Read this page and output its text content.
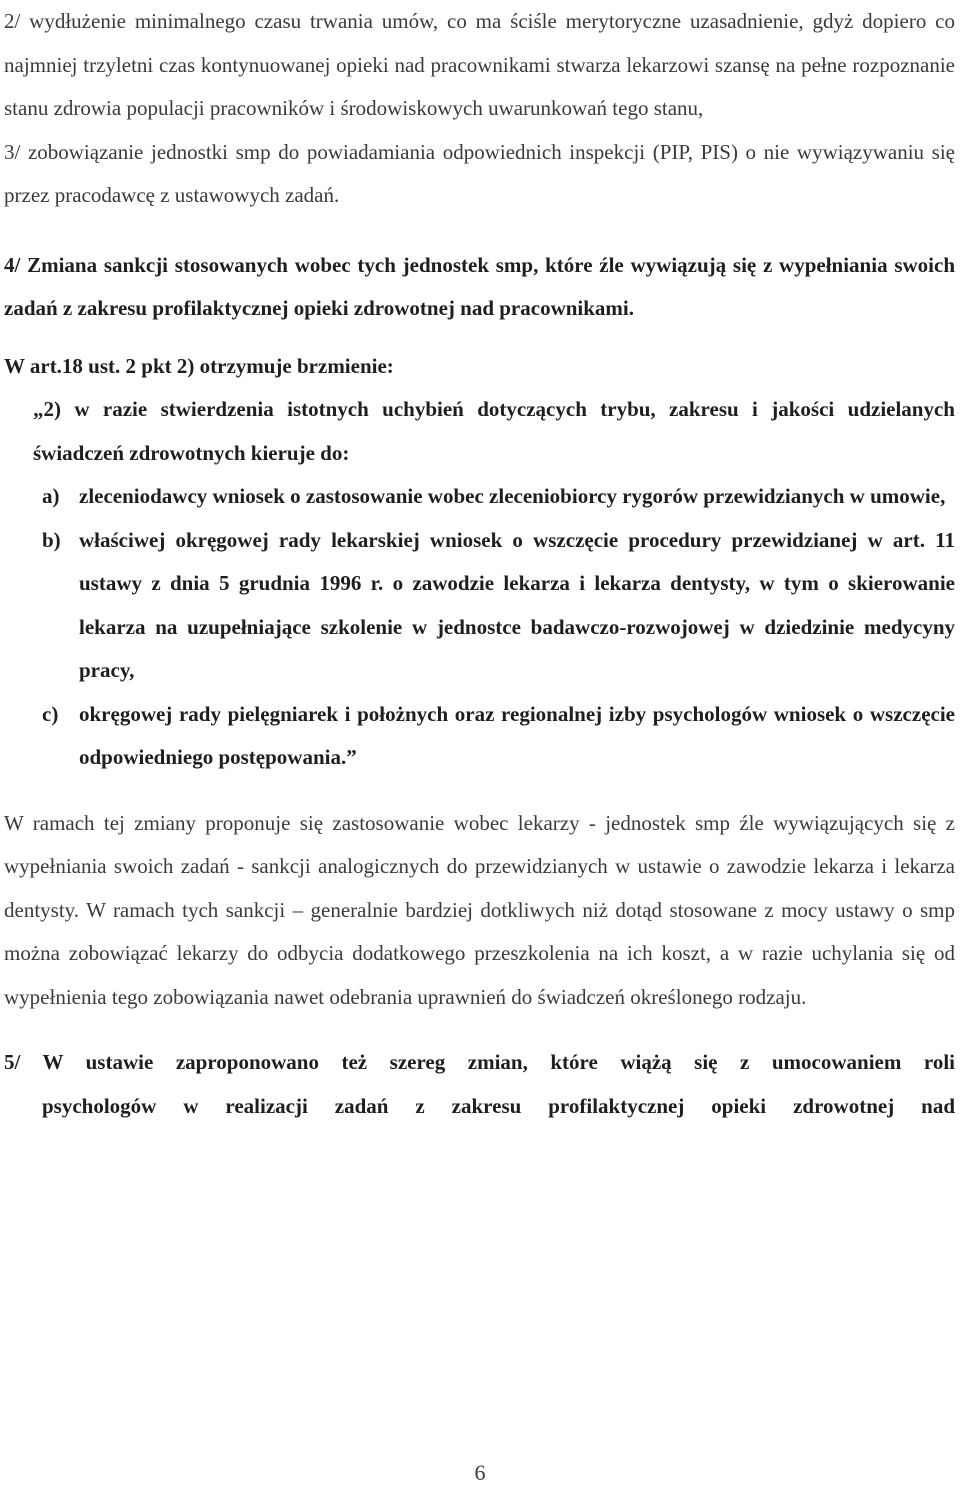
2/ wydłużenie minimalnego czasu trwania umów, co ma ściśle merytoryczne uzasadnienie, gdyż dopiero co najmniej trzyletni czas kontynuowanej opieki nad pracownikami stwarza lekarzowi szansę na pełne rozpoznanie stanu zdrowia populacji pracowników i środowiskowych uwarunkowań tego stanu,

3/ zobowiązanie jednostki smp do powiadamiania odpowiednich inspekcji (PIP, PIS) o nie wywiązywaniu się przez pracodawcę z ustawowych zadań.

4/ Zmiana sankcji stosowanych wobec tych jednostek smp, które źle wywiązują się z wypełniania swoich zadań z zakresu profilaktycznej opieki zdrowotnej nad pracownikami.

W art.18 ust. 2 pkt 2) otrzymuje brzmienie:

„2) w razie stwierdzenia istotnych uchybień dotyczących trybu, zakresu i jakości udzielanych świadczeń zdrowotnych kieruje do:

a) zleceniodawcy wniosek o zastosowanie wobec zleceniobiorcy rygorów przewidzianych w umowie,
b) właściwej okręgowej rady lekarskiej wniosek o wszczęcie procedury przewidzianej w art. 11 ustawy z dnia 5 grudnia 1996 r. o zawodzie lekarza i lekarza dentysty, w tym o skierowanie lekarza na uzupełniające szkolenie w jednostce badawczo-rozwojowej w dziedzinie medycyny pracy,
c) okręgowej rady pielęgniarek i położnych oraz regionalnej izby psychologów wniosek o wszczęcie odpowiedniego postępowania.”

W ramach tej zmiany proponuje się zastosowanie wobec lekarzy - jednostek smp źle wywiązujących się z wypełniania swoich zadań - sankcji analogicznych do przewidzianych w ustawie o zawodzie lekarza i lekarza dentysty. W ramach tych sankcji – generalnie bardziej dotkliwych niż dotąd stosowane z mocy ustawy o smp można zobowiązać lekarzy do odbycia dodatkowego przeszkolenia na ich koszt, a w razie uchylania się od wypełnienia tego zobowiązania nawet odebrania uprawnień do świadczeń określonego rodzaju.

5/ W ustawie zaproponowano też szereg zmian, które wiążą się z umocowaniem roli

psychologów w realizacji zadań z zakresu profilaktycznej opieki zdrowotnej nad

6
